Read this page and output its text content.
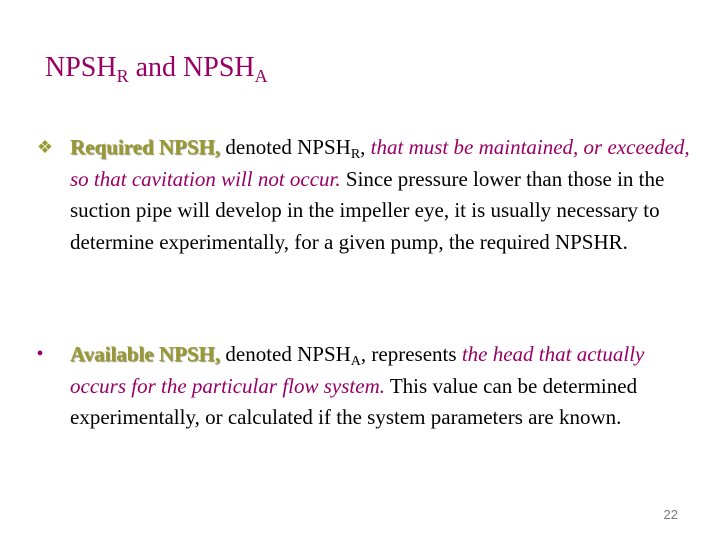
$NPSH_R$ and $NPSH_A$
❖ Required NPSH, denoted $NPSH_R$, that must be maintained, or exceeded, so that cavitation will not occur. Since pressure lower than those in the suction pipe will develop in the impeller eye, it is usually necessary to determine experimentally, for a given pump, the required NPSHR.
•	Available NPSH, denoted $NPSH_A$, represents the head that actually occurs for the particular flow system. This value can be determined experimentally, or calculated if the system parameters are known.
22
